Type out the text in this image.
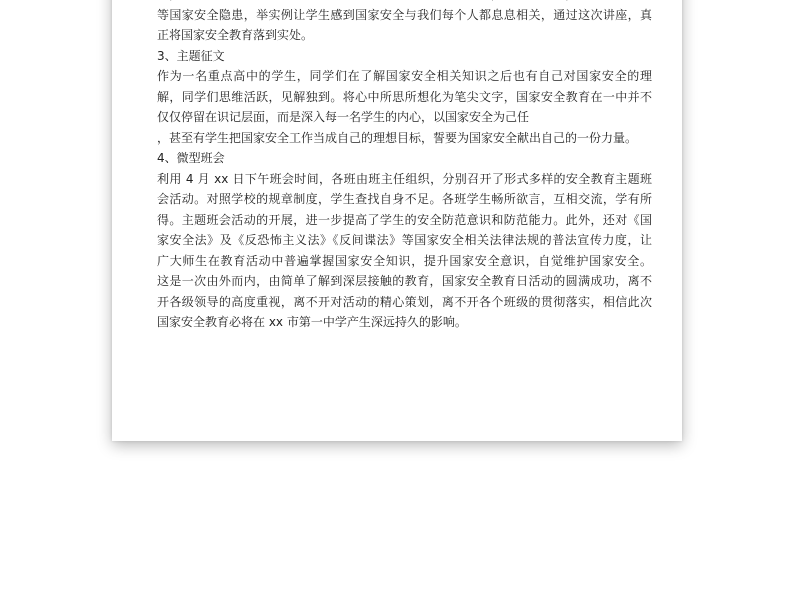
等国家安全隐患，举实例让学生感到国家安全与我们每个人都息息相关，通过这次讲座，真
正将国家安全教育落到实处。
3、主题征文
作为一名重点高中的学生，同学们在了解国家安全相关知识之后也有自己对国家安全的理
解，同学们思维活跃，见解独到。将心中所思所想化为笔尖文字，国家安全教育在一中并不
仅仅停留在识记层面，而是深入每一名学生的内心，以国家安全为己任
，甚至有学生把国家安全工作当成自己的理想目标，誓要为国家安全献出自己的一份力量。
4、微型班会
利用 4 月 xx 日下午班会时间，各班由班主任组织，分别召开了形式多样的安全教育主题班
会活动。对照学校的规章制度，学生查找自身不足。各班学生畅所欲言，互相交流，学有所
得。主题班会活动的开展，进一步提高了学生的安全防范意识和防范能力。此外，还对《国
家安全法》及《反恐怖主义法》《反间谍法》等国家安全相关法律法规的普法宣传力度，让
广大师生在教育活动中普遍掌握国家安全知识，提升国家安全意识，自觉维护国家安全。
这是一次由外而内，由简单了解到深层接触的教育，国家安全教育日活动的圆满成功，离不
开各级领导的高度重视，离不开对活动的精心策划，离不开各个班级的贯彻落实，相信此次
国家安全教育必将在 xx 市第一中学产生深远持久的影响。
